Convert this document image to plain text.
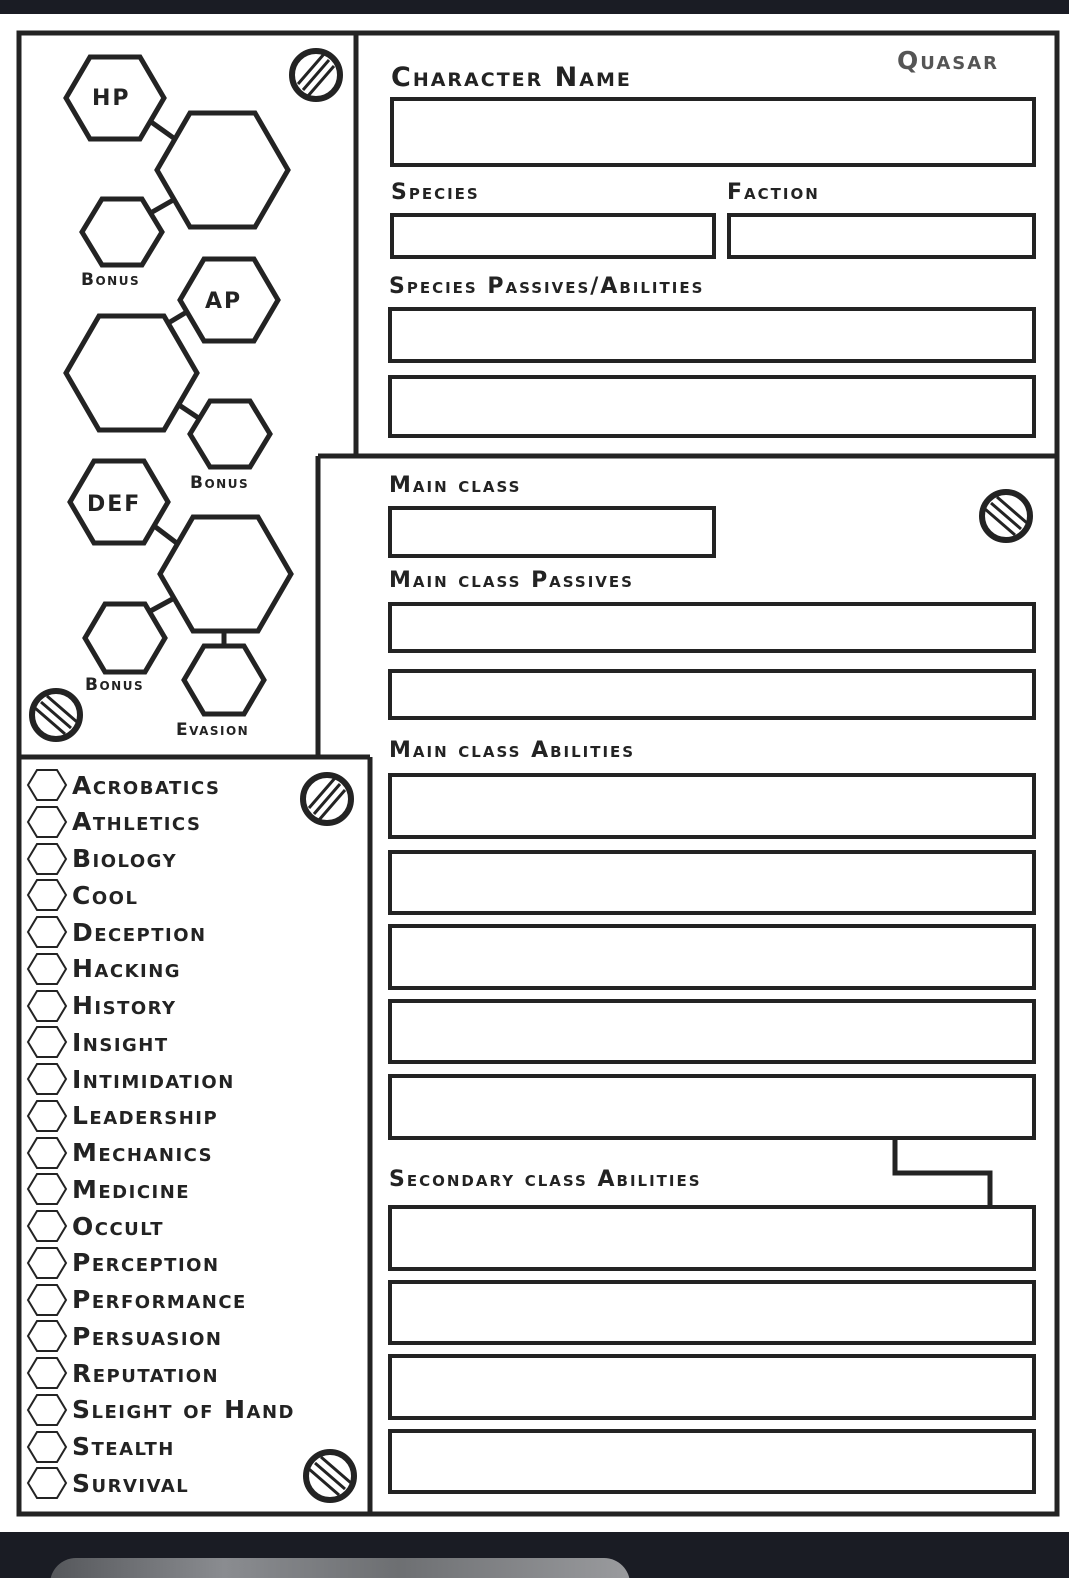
HP
AP
DEF
Bonus
Bonus
Bonus
Evasion
Quasar
Character Name
Species	Faction
Species Passives/Abilities
Main class
Main class Passives
Main class Abilities
Secondary class Abilities
Acrobatics
Athletics
Biology
Cool
Deception
Hacking
History
Insight
Intimidation
Leadership
Mechanics
Medicine
Occult
Perception
Performance
Persuasion
Reputation
Sleight of Hand
Stealth
Survival
